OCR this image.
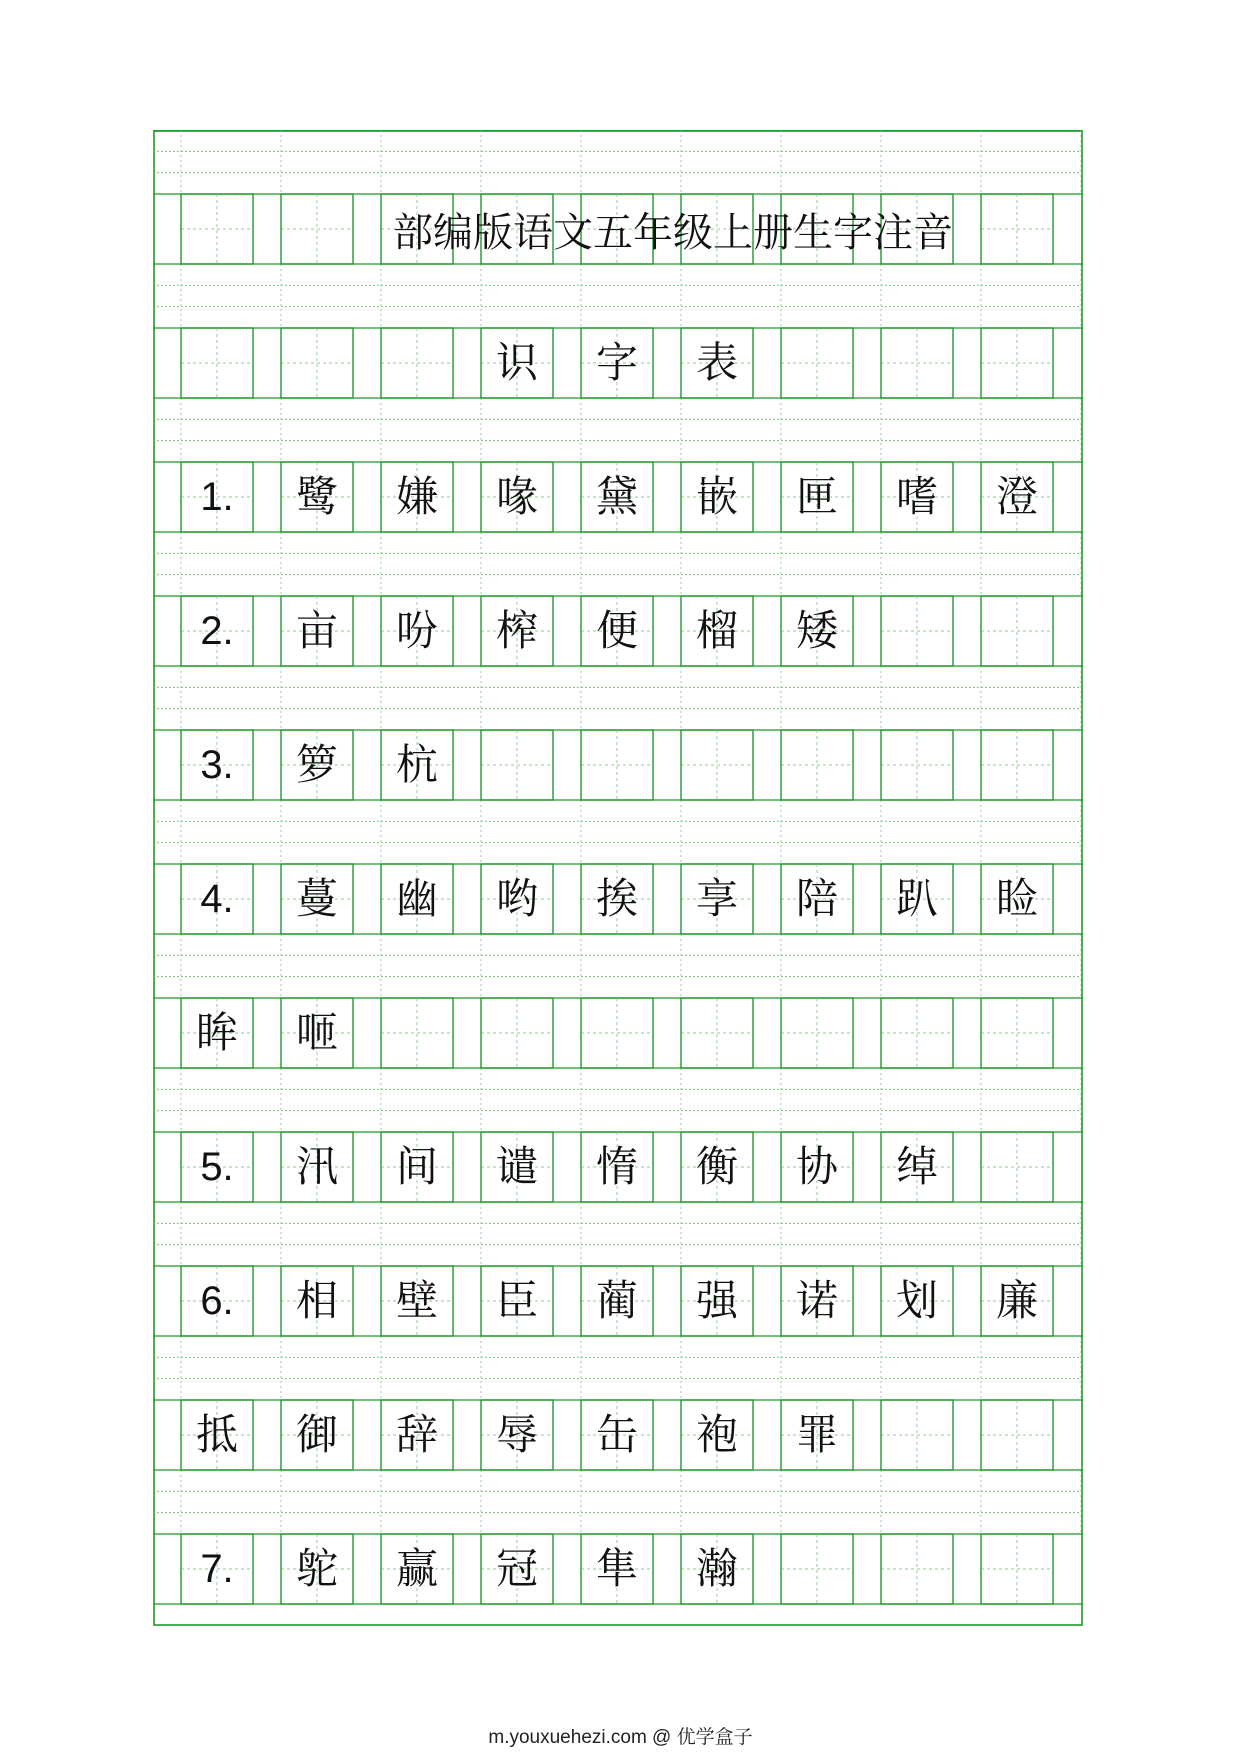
部编版语文五年级上册生字注音
识	字	表
1.	鹭	嫌	喙	黛	嵌	匣	嗜	澄
2.	亩	吩	榨	便	榴	矮
3.	箩	杭
4.	蔓	幽	哟	挨	享	陪	趴	睑
眸	咂
5.	汛	间	谴	惰	衡	协	绰
6.	相	壁	臣	蔺	强	诺	划	廉
抵	御	辞	辱	缶	袍	罪
7.	鸵	赢	冠	隼	瀚
m.youxuehezi.com @ 优学盒子
